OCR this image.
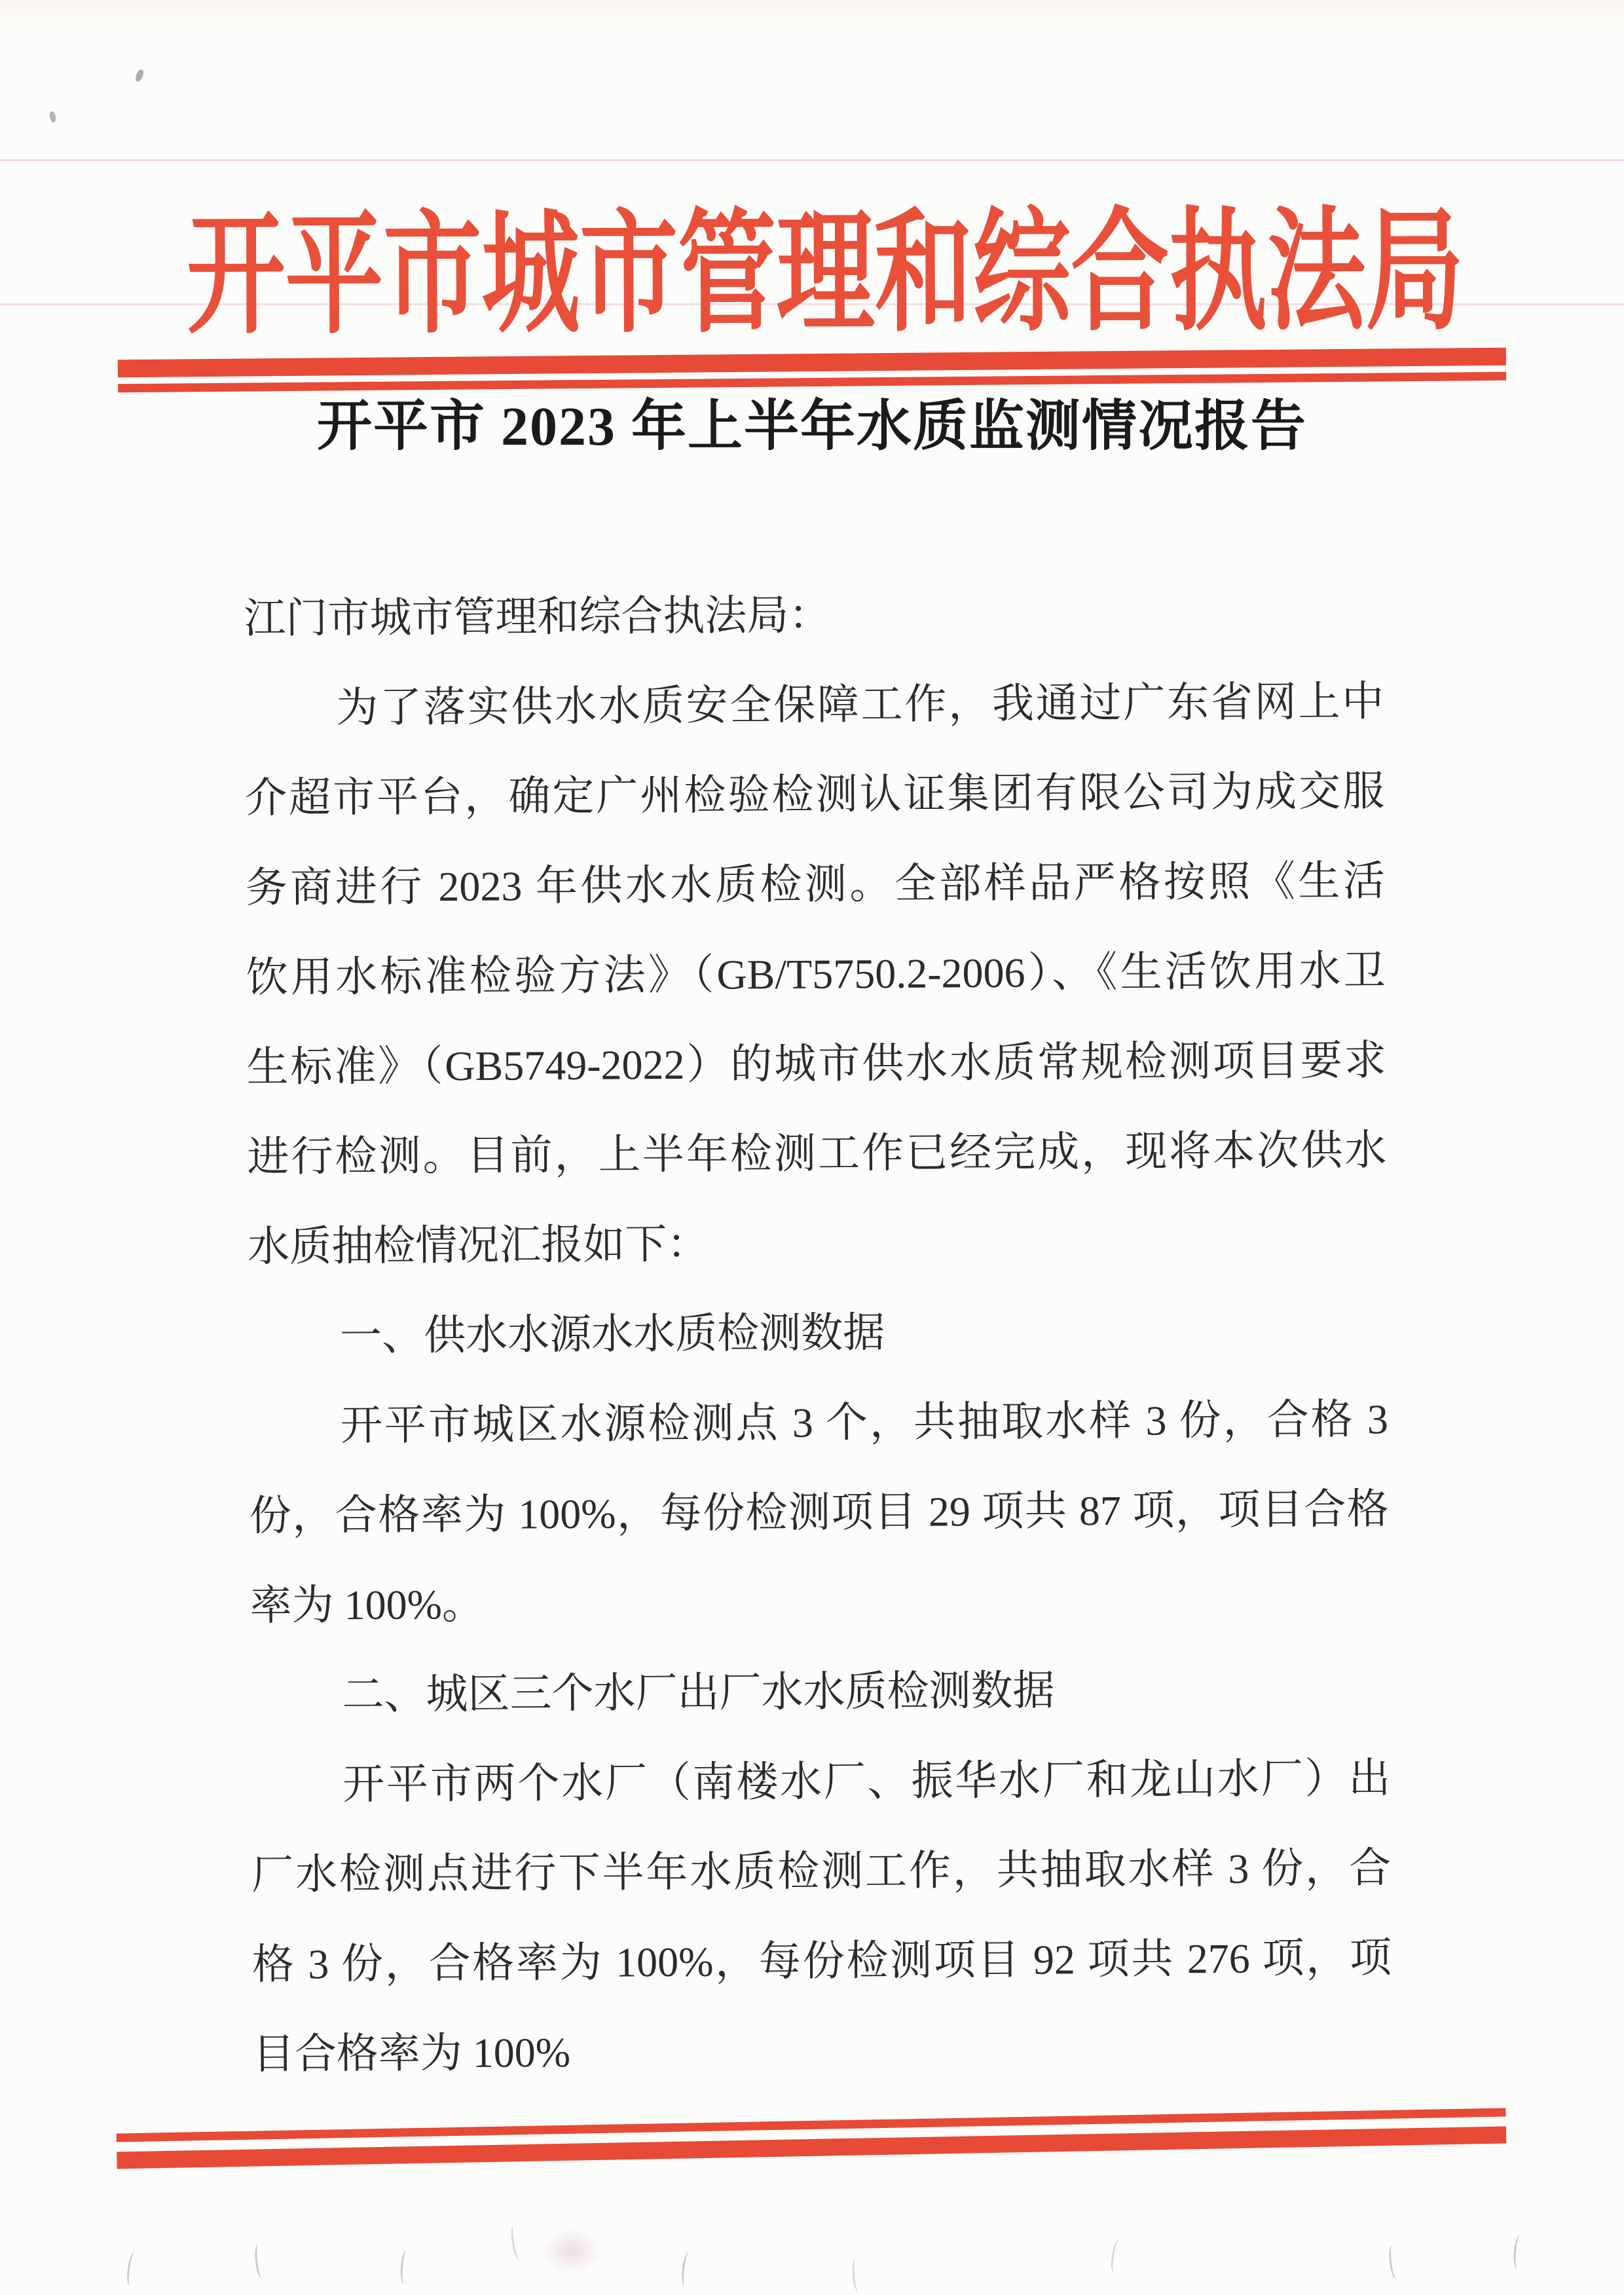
开平市城市管理和综合执法局
开平市 2023 年上半年水质监测情况报告

江门市城市管理和综合执法局：

为了落实供水水质安全保障工作，我通过广东省网上中

介超市平台，确定广州检验检测认证集团有限公司为成交服

务商进行 2023 年供水水质检测。全部样品严格按照《生活

饮用水标准检验方法》（GB/T5750.2-2006）、《生活饮用水卫

生标准》（GB5749-2022）的城市供水水质常规检测项目要求

进行检测。目前，上半年检测工作已经完成，现将本次供水

水质抽检情况汇报如下：

一、供水水源水水质检测数据

开平市城区水源检测点 3 个，共抽取水样 3 份，合格 3

份，合格率为 100%，每份检测项目 29 项共 87 项，项目合格

率为 100%。

二、城区三个水厂出厂水水质检测数据

开平市两个水厂（南楼水厂、振华水厂和龙山水厂）出

厂水检测点进行下半年水质检测工作，共抽取水样 3 份，合

格 3 份，合格率为 100%，每份检测项目 92 项共 276 项，项

目合格率为 100%
